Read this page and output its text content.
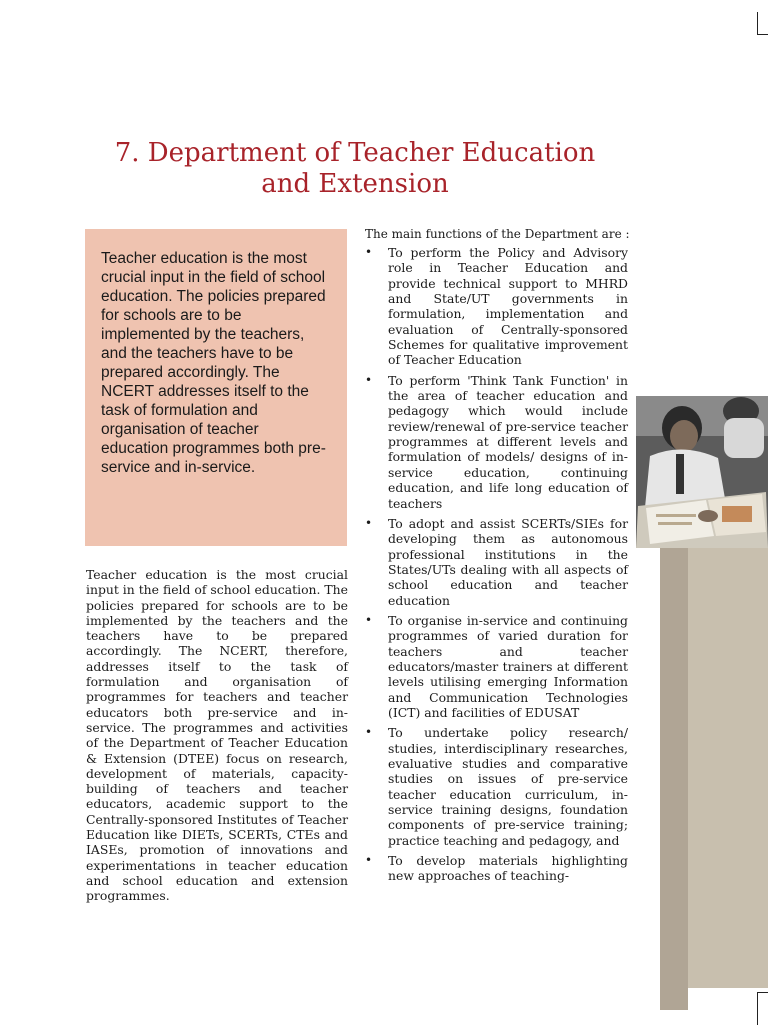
7. Department of Teacher Education
and Extension

Teacher education is the most crucial input in the field of school education. The policies prepared for schools are to be implemented by the teachers, and the teachers have to be prepared accordingly. The NCERT addresses itself to the task of formulation and organisation of teacher education programmes both pre-service and in-service.

Teacher education is the most crucial input in the field of school education. The policies prepared for schools are to be implemented by the teachers and the teachers have to be prepared accordingly. The NCERT, therefore, addresses itself to the task of formulation and organisation of programmes for teachers and teacher educators both pre-service and in-service. The programmes and activities of the Department of Teacher Education & Extension (DTEE) focus on research, development of materials, capacity-building of teachers and teacher educators, academic support to the Centrally-sponsored Institutes of Teacher Education like DIETs, SCERTs, CTEs and IASEs, promotion of innovations and experimentations in teacher education and school education and extension programmes.

The main functions of the Department are :

• To perform the Policy and Advisory role in Teacher Education and provide technical support to MHRD and State/UT governments in formulation, implementation and evaluation of Centrally-sponsored Schemes for qualitative improvement of Teacher Education
• To perform 'Think Tank Function' in the area of teacher education and pedagogy which would include review/renewal of pre-service teacher programmes at different levels and formulation of models/ designs of in-service education, continuing education, and life long education of teachers
• To adopt and assist SCERTs/SIEs for developing them as autonomous professional institutions in the States/UTs dealing with all aspects of school education and teacher education
• To organise in-service and continuing programmes of varied duration for teachers and teacher educators/master trainers at different levels utilising emerging Information and Communication Technologies (ICT) and facilities of EDUSAT
• To undertake policy research/ studies, interdisciplinary researches, evaluative studies and comparative studies on issues of pre-service teacher education curriculum, in-service training designs, foundation components of pre-service training; practice teaching and pedagogy, and
• To develop materials highlighting new approaches of teaching-
